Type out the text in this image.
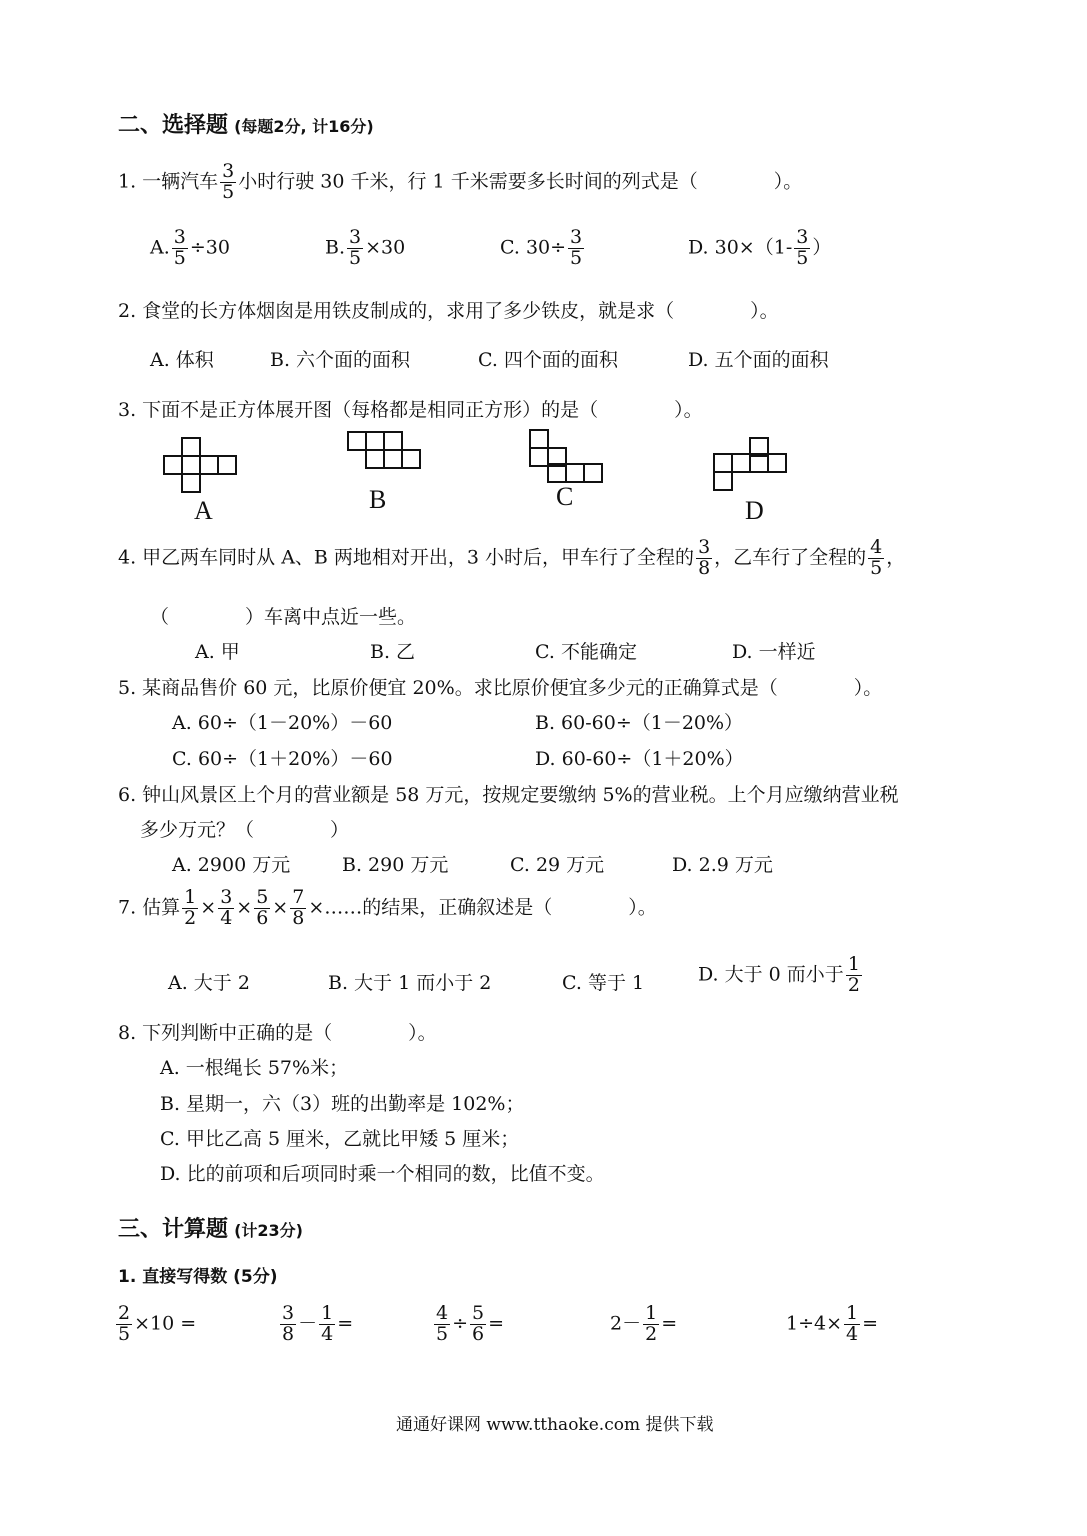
二、选择题 (每题2分, 计16分)
1. 一辆汽车 $\frac{3}{5}$ 小时行驶 30 千米，行 1 千米需要多长时间的列式是（　　　　）。
A. $\frac{3}{5} \div 30$	B. $\frac{3}{5} \times 30$	C. $30\div \frac{3}{5}$	D. $30\times(1- \frac{3}{5}$ ）
2. 食堂的长方体烟囱是用铁皮制成的，求用了多少铁皮，就是求（　　　　）。
A. 体积	B. 六个面的面积	C. 四个面的面积	D. 五个面的面积
3. 下面不是正方体展开图（每格都是相同正方形）的是（　　　　）。
A	B	C	D
4. 甲乙两车同时从 A、B 两地相对开出，3 小时后，甲车行了全程的 $\frac{3}{8}$ ，乙车行了全程的 $\frac{4}{5}$ ，
（　　　　）车离中点近一些。
A. 甲	B. 乙	C. 不能确定	D. 一样近
5. 某商品售价 60 元，比原价便宜 20%。求比原价便宜多少元的正确算式是（　　　　）。
A. 60÷（1－20%）－60	B. 60-60÷（1－20%）
C. 60÷（1＋20%）－60	D. 60-60÷（1＋20%）
6. 钟山风景区上个月的营业额是 58 万元，按规定要缴纳 5%的营业税。上个月应缴纳营业税
多少万元？（　　　　）
A. 2900 万元	B. 290 万元	C. 29 万元	D. 2.9 万元
7. 估算 $\frac{1}{2} \times \frac{3}{4} \times \frac{5}{6} \times \frac{7}{8}$ ×……的结果，正确叙述是（　　　　）。
A. 大于 2	B. 大于 1 而小于 2	C. 等于 1	D. 大于 0 而小于 $\frac{1}{2}$
8. 下列判断中正确的是（　　　　）。
A. 一根绳长 57%米；
B. 星期一，六（3）班的出勤率是 102%；
C. 甲比乙高 5 厘米，乙就比甲矮 5 厘米；
D. 比的前项和后项同时乘一个相同的数，比值不变。
三、计算题 (计23分)
1. 直接写得数 (5分)
$\frac{2}{5} \times 10$ =	$\frac{3}{8} - \frac{1}{4}$ =	$\frac{4}{5} \div \frac{5}{6}$ =	$2- \frac{1}{2}$ =	$1\div 4\times \frac{1}{4}$ =
通通好课网 www.tthaoke.com 提供下载
